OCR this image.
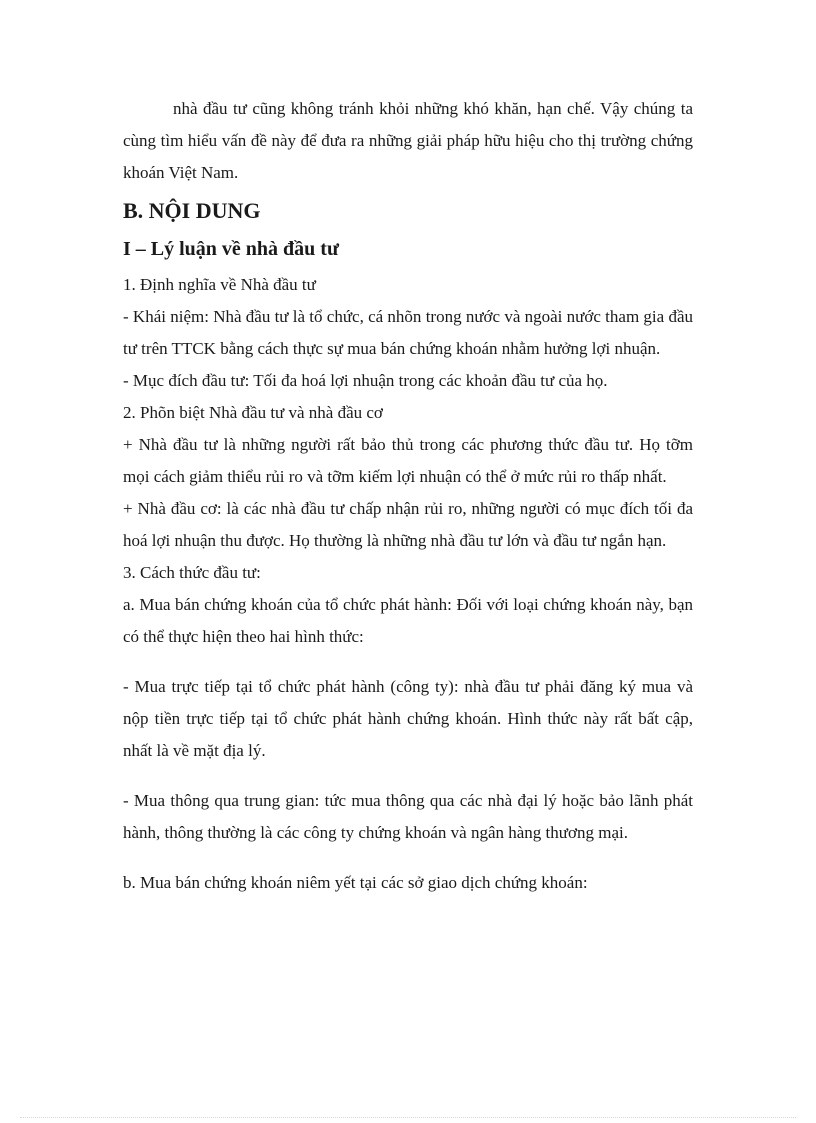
nhà đầu tư cũng không tránh khỏi những khó khăn, hạn chế. Vậy chúng ta cùng tìm hiểu vấn đề này để đưa ra những giải pháp hữu hiệu cho thị trường chứng khoán Việt Nam.

B. NỘI DUNG
I – Lý luận về nhà đầu tư

1. Định nghĩa về Nhà đầu tư

- Khái niệm: Nhà đầu tư là tổ chức, cá nhõn trong nước và ngoài nước tham gia đầu tư trên TTCK bằng cách thực sự mua bán chứng khoán nhằm hưởng lợi nhuận.

- Mục đích đầu tư: Tối đa hoá lợi nhuận trong các khoản đầu tư của họ.

2. Phõn biệt Nhà đầu tư và nhà đầu cơ

+ Nhà đầu tư là những người rất bảo thủ trong các phương thức đầu tư. Họ tỡm mọi cách giảm thiểu rủi ro và tỡm kiếm lợi nhuận có thể ở mức rủi ro thấp nhất.

+ Nhà đầu cơ: là các nhà đầu tư chấp nhận rủi ro, những người có mục đích tối đa hoá lợi nhuận thu được. Họ thường là những nhà đầu tư lớn và đầu tư ngắn hạn.

3. Cách thức đầu tư:

a. Mua bán chứng khoán của tổ chức phát hành: Đối với loại chứng khoán này, bạn có thể thực hiện theo hai hình thức:

- Mua trực tiếp tại tổ chức phát hành (công ty): nhà đầu tư phải đăng ký mua và nộp tiền trực tiếp tại tổ chức phát hành chứng khoán. Hình thức này rất bất cập, nhất là về mặt địa lý.

- Mua thông qua trung gian: tức mua thông qua các nhà đại lý hoặc bảo lãnh phát hành, thông thường là các công ty chứng khoán và ngân hàng thương mại.

b. Mua bán chứng khoán niêm yết tại các sở giao dịch chứng khoán:
